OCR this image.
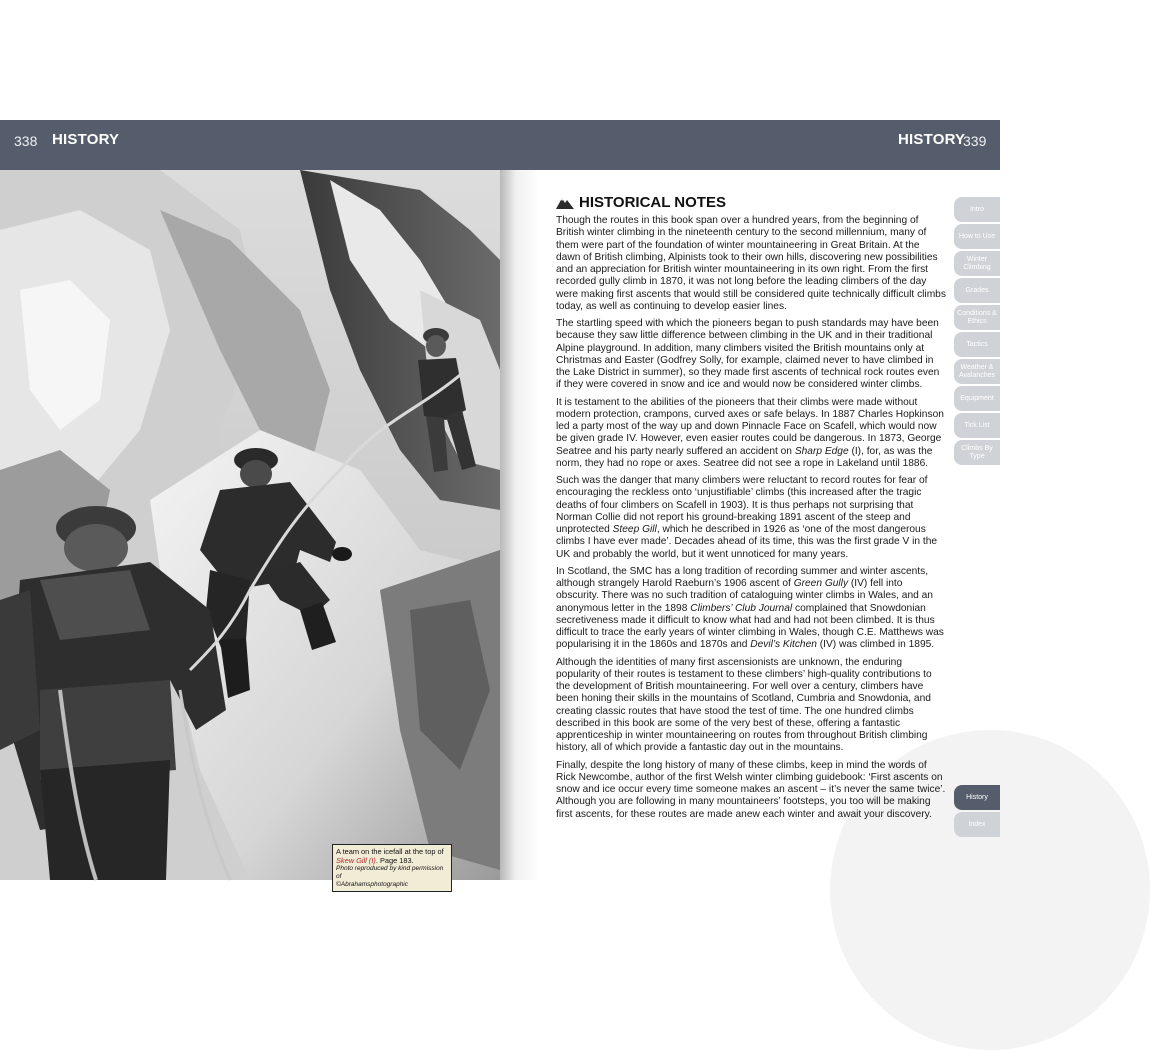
338 HISTORY	HISTORY
339
A team on the icefall at the top of
Skew Gill (I). Page 183.
Photo reproduced by kind permission of
©Abrahamsphotographic
HISTORICAL NOTES

Though the routes in this book span over a hundred years, from the beginning of British winter climbing in the nineteenth century to the second millennium, many of them were part of the foundation of winter mountaineering in Great Britain. At the dawn of British climbing, Alpinists took to their own hills, discovering new possibilities and an appreciation for British winter mountaineering in its own right. From the first recorded gully climb in 1870, it was not long before the leading climbers of the day were making first ascents that would still be considered quite technically difficult climbs today, as well as continuing to develop easier lines.

The startling speed with which the pioneers began to push standards may have been because they saw little difference between climbing in the UK and in their traditional Alpine playground. In addition, many climbers visited the British mountains only at Christmas and Easter (Godfrey Solly, for example, claimed never to have climbed in the Lake District in summer), so they made first ascents of technical rock routes even if they were covered in snow and ice and would now be considered winter climbs.

It is testament to the abilities of the pioneers that their climbs were made without modern protection, crampons, curved axes or safe belays. In 1887 Charles Hopkinson led a party most of the way up and down Pinnacle Face on Scafell, which would now be given grade IV. However, even easier routes could be dangerous. In 1873, George Seatree and his party nearly suffered an accident on Sharp Edge (I), for, as was the norm, they had no rope or axes. Seatree did not see a rope in Lakeland until 1886.

Such was the danger that many climbers were reluctant to record routes for fear of encouraging the reckless onto ‘unjustifiable’ climbs (this increased after the tragic deaths of four climbers on Scafell in 1903). It is thus perhaps not surprising that Norman Collie did not report his ground-breaking 1891 ascent of the steep and unprotected Steep Gill, which he described in 1926 as ‘one of the most dangerous climbs I have ever made’. Decades ahead of its time, this was the first grade V in the UK and probably the world, but it went unnoticed for many years.

In Scotland, the SMC has a long tradition of recording summer and winter ascents, although strangely Harold Raeburn’s 1906 ascent of Green Gully (IV) fell into obscurity. There was no such tradition of cataloguing winter climbs in Wales, and an anonymous letter in the 1898 Climbers’ Club Journal complained that Snowdonian secretiveness made it difficult to know what had and had not been climbed. It is thus difficult to trace the early years of winter climbing in Wales, though C.E. Matthews was popularising it in the 1860s and 1870s and Devil’s Kitchen (IV) was climbed in 1895.

Although the identities of many first ascensionists are unknown, the enduring popularity of their routes is testament to these climbers’ high-quality contributions to the development of British mountaineering. For well over a century, climbers have been honing their skills in the mountains of Scotland, Cumbria and Snowdonia, and creating classic routes that have stood the test of time. The one hundred climbs described in this book are some of the very best of these, offering a fantastic apprenticeship in winter mountaineering on routes from throughout British climbing history, all of which provide a fantastic day out in the mountains.

Finally, despite the long history of many of these climbs, keep in mind the words of Rick Newcombe, author of the first Welsh winter climbing guidebook: ‘First ascents on snow and ice occur every time someone makes an ascent – it’s never the same twice’. Although you are following in many mountaineers’ footsteps, you too will be making first ascents, for these routes are made anew each winter and await your discovery.

Intro
How to Use
Winter Climbing
Grades
Conditions & Ethics
Tactics
Weather & Avalanches
Equipment
Tick List
Climbs By Type
History
Index
